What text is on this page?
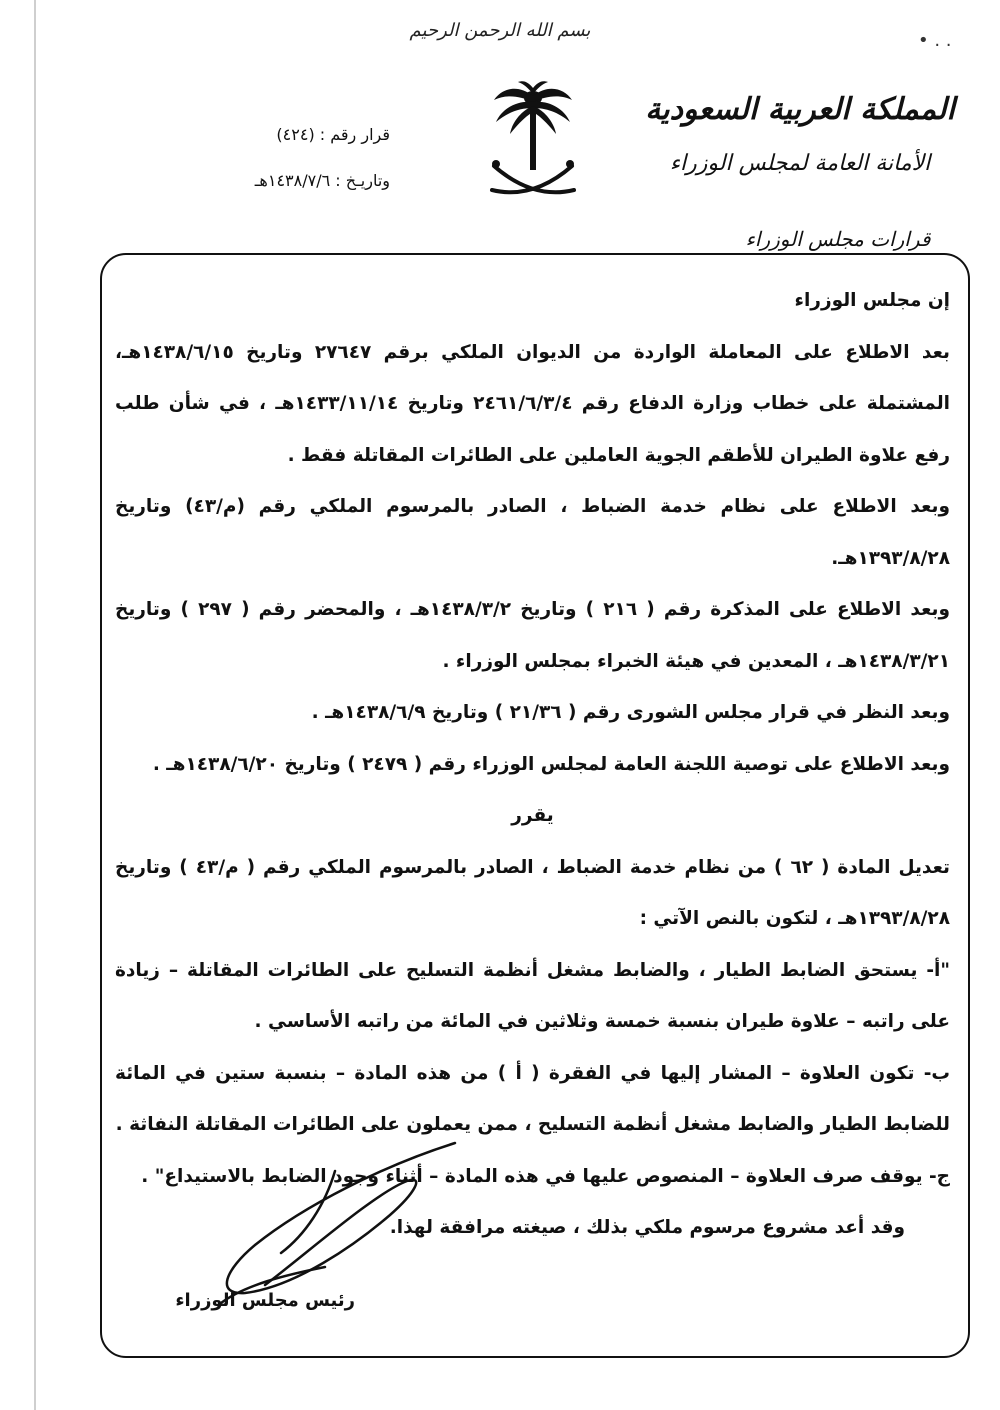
• . .
بسم الله الرحمن الرحيم
المملكة العربية السعودية
الأمانة العامة لمجلس الوزراء
قرار رقم : (٤٢٤)
وتاريـخ : ١٤٣٨/٧/٦هـ
قرارات مجلس الوزراء

إن مجلس الوزراء

بعد الاطلاع على المعاملة الواردة من الديوان الملكي برقم ٢٧٦٤٧ وتاريخ ١٤٣٨/٦/١٥هـ، المشتملة على خطاب وزارة الدفاع رقم ٢٤٦١/٦/٣/٤ وتاريخ ١٤٣٣/١١/١٤هـ ، في شأن طلب رفع علاوة الطيران للأطقم الجوية العاملين على الطائرات المقاتلة فقط .

وبعد الاطلاع على نظام خدمة الضباط ، الصادر بالمرسوم الملكي رقم (م/٤٣) وتاريخ ١٣٩٣/٨/٢٨هـ.

وبعد الاطلاع على المذكرة رقم ( ٢١٦ ) وتاريخ ١٤٣٨/٣/٢هـ ، والمحضر رقم ( ٢٩٧ ) وتاريخ ١٤٣٨/٣/٢١هـ ، المعدين في هيئة الخبراء بمجلس الوزراء .

وبعد النظر في قرار مجلس الشورى رقم ( ٢١/٣٦ ) وتاريخ ١٤٣٨/٦/٩هـ .

وبعد الاطلاع على توصية اللجنة العامة لمجلس الوزراء رقم ( ٢٤٧٩ ) وتاريخ ١٤٣٨/٦/٢٠هـ .

يقرر

تعديل المادة ( ٦٢ ) من نظام خدمة الضباط ، الصادر بالمرسوم الملكي رقم ( م/٤٣ ) وتاريخ ١٣٩٣/٨/٢٨هـ ، لتكون بالنص الآتي :

"أ- يستحق الضابط الطيار ، والضابط مشغل أنظمة التسليح على الطائرات المقاتلة – زيادة على راتبه – علاوة طيران بنسبة خمسة وثلاثين في المائة من راتبه الأساسي .

ب- تكون العلاوة – المشار إليها في الفقرة ( أ ) من هذه المادة – بنسبة ستين في المائة للضابط الطيار والضابط مشغل أنظمة التسليح ، ممن يعملون على الطائرات المقاتلة النفاثة .

ج- يوقف صرف العلاوة – المنصوص عليها في هذه المادة – أثناء وجود الضابط بالاستيداع" .

وقد أعد مشروع مرسوم ملكي بذلك ، صيغته مرافقة لهذا.

رئيس مجلس الوزراء
